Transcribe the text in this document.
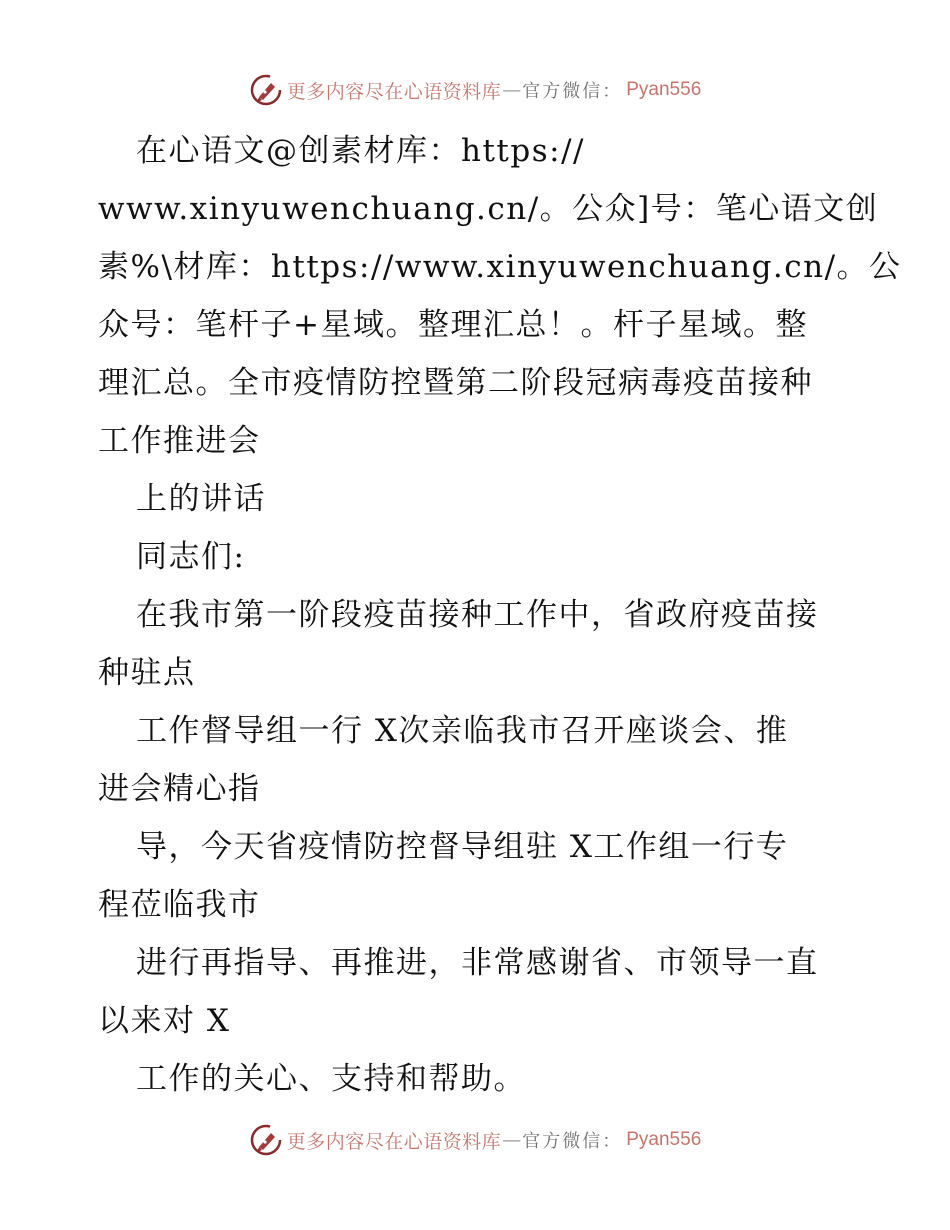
更多内容尽在心语资料库 — 官方微信： Pyan556
在心语文@创素材库：https://
www.xinyuwenchuang.cn/。公众]号：笔心语文创
素%\材库：https://www.xinyuwenchuang.cn/。公
众号：笔杆子+星域。整理汇总！。杆子星域。整
理汇总。全市疫情防控暨第二阶段冠病毒疫苗接种
工作推进会
上的讲话
同志们:
在我市第一阶段疫苗接种工作中，省政府疫苗接
种驻点
工作督导组一行 X次亲临我市召开座谈会、推
进会精心指
导，今天省疫情防控督导组驻 X工作组一行专
程莅临我市
进行再指导、再推进，非常感谢省、市领导一直
以来对 X
工作的关心、支持和帮助。
更多内容尽在心语资料库 — 官方微信： Pyan556
